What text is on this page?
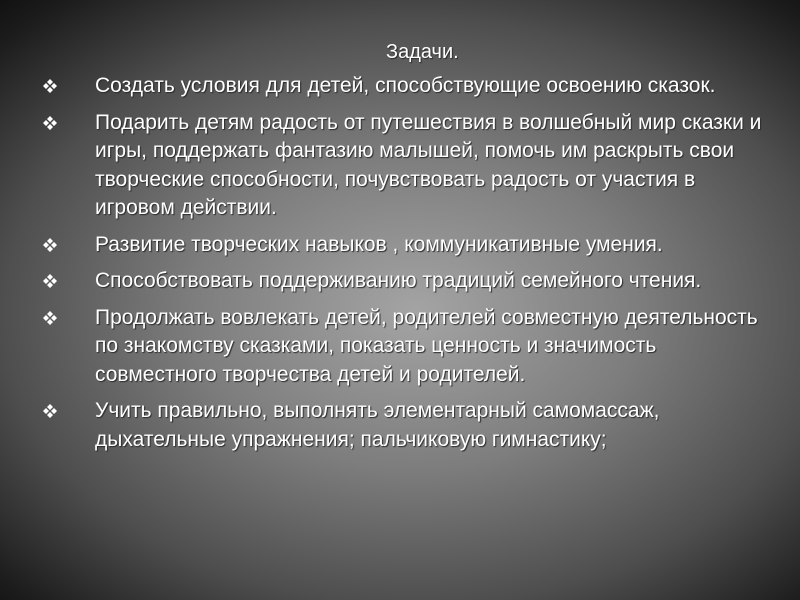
Задачи.
Создать условия для детей, способствующие освоению сказок.
Подарить детям радость от путешествия в волшебный мир сказки и игры, поддержать фантазию малышей, помочь им раскрыть свои творческие способности, почувствовать радость от участия в игровом действии.
Развитие творческих навыков , коммуникативные умения.
Способствовать поддерживанию традиций семейного чтения.
Продолжать вовлекать детей, родителей совместную деятельность по знакомству сказками, показать ценность и значимость совместного творчества детей и родителей.
Учить правильно, выполнять элементарный самомассаж, дыхательные упражнения; пальчиковую гимнастику;
